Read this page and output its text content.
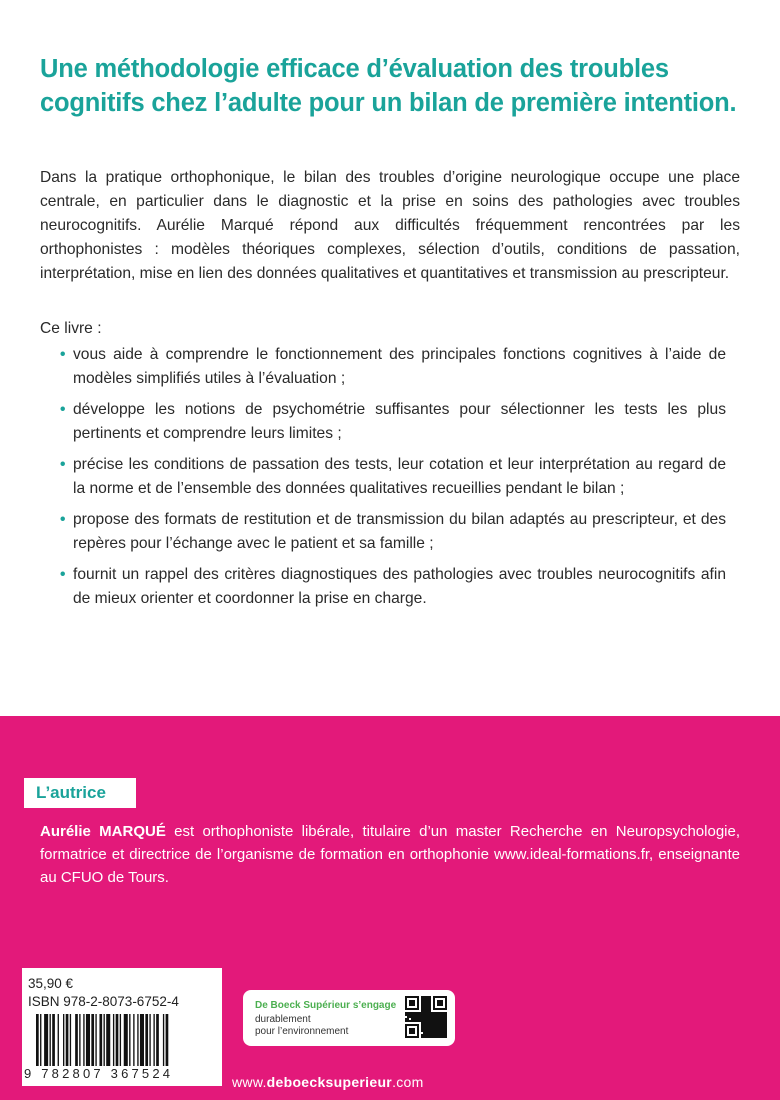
Une méthodologie efficace d’évaluation des troubles cognitifs chez l’adulte pour un bilan de première intention.
Dans la pratique orthophonique, le bilan des troubles d’origine neurologique occupe une place centrale, en particulier dans le diagnostic et la prise en soins des pathologies avec troubles neurocognitifs. Aurélie Marqué répond aux difficultés fréquemment rencontrées par les orthophonistes : modèles théoriques complexes, sélection d’outils, conditions de passation, interprétation, mise en lien des données qualitatives et quantitatives et transmission au prescripteur.
Ce livre :
• vous aide à comprendre le fonctionnement des principales fonctions cognitives à l’aide de modèles simplifiés utiles à l’évaluation ;
• développe les notions de psychométrie suffisantes pour sélectionner les tests les plus pertinents et comprendre leurs limites ;
• précise les conditions de passation des tests, leur cotation et leur interprétation au regard de la norme et de l’ensemble des données qualitatives recueillies pendant le bilan ;
• propose des formats de restitution et de transmission du bilan adaptés au prescripteur, et des repères pour l’échange avec le patient et sa famille ;
• fournit un rappel des critères diagnostiques des pathologies avec troubles neurocognitifs afin de mieux orienter et coordonner la prise en charge.
L’autrice
Aurélie MARQUÉ est orthophoniste libérale, titulaire d’un master Recherche en Neuropsychologie, formatrice et directrice de l’organisme de formation en orthophonie www.ideal-formations.fr, enseignante au CFUO de Tours.
35,90 €
ISBN 978-2-8073-6752-4
9 782807 367524
De Boeck Supérieur s’engage
durablement
pour l’environnement
www.deboecksuperieur.com
